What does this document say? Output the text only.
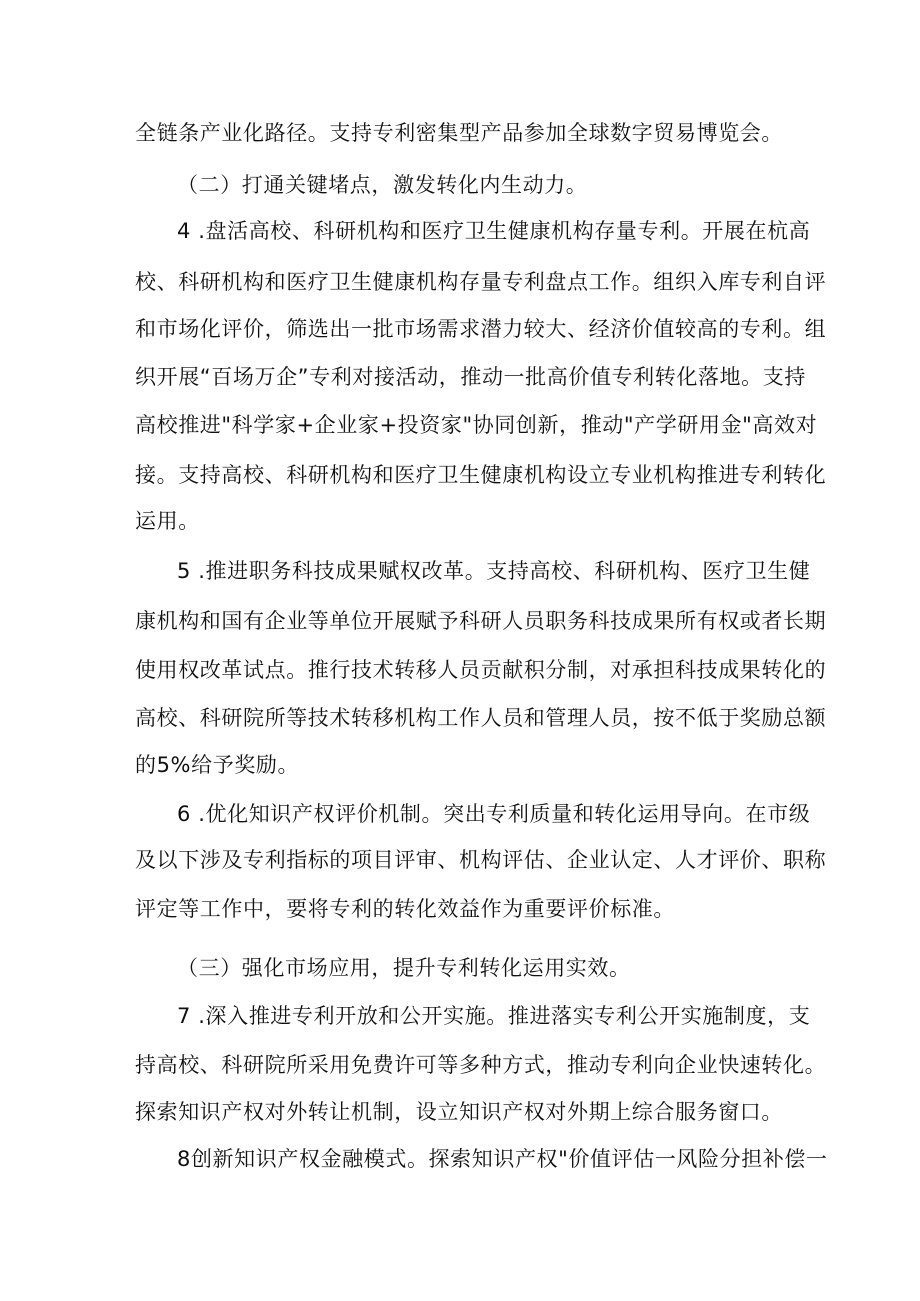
全链条产业化路径。支持专利密集型产品参加全球数字贸易博览会。
（二）打通关键堵点，激发转化内生动力。
4 .盘活高校、科研机构和医疗卫生健康机构存量专利。开展在杭高
校、科研机构和医疗卫生健康机构存量专利盘点工作。组织入库专利自评
和市场化评价，筛选出一批市场需求潜力较大、经济价值较高的专利。组
织开展“百场万企”专利对接活动，推动一批高价值专利转化落地。支持
高校推进"科学家+企业家+投资家"协同创新，推动"产学研用金"高效对
接。支持高校、科研机构和医疗卫生健康机构设立专业机构推进专利转化
运用。
5 .推进职务科技成果赋权改革。支持高校、科研机构、医疗卫生健
康机构和国有企业等单位开展赋予科研人员职务科技成果所有权或者长期
使用权改革试点。推行技术转移人员贡献积分制，对承担科技成果转化的
高校、科研院所等技术转移机构工作人员和管理人员，按不低于奖励总额
的5%给予奖励。
6 .优化知识产权评价机制。突出专利质量和转化运用导向。在市级
及以下涉及专利指标的项目评审、机构评估、企业认定、人才评价、职称
评定等工作中，要将专利的转化效益作为重要评价标准。
（三）强化市场应用，提升专利转化运用实效。
7 .深入推进专利开放和公开实施。推进落实专利公开实施制度，支
持高校、科研院所采用免费许可等多种方式，推动专利向企业快速转化。
探索知识产权对外转让机制，设立知识产权对外期上综合服务窗口。
8创新知识产权金融模式。探索知识产权"价值评估一风险分担补偿一
